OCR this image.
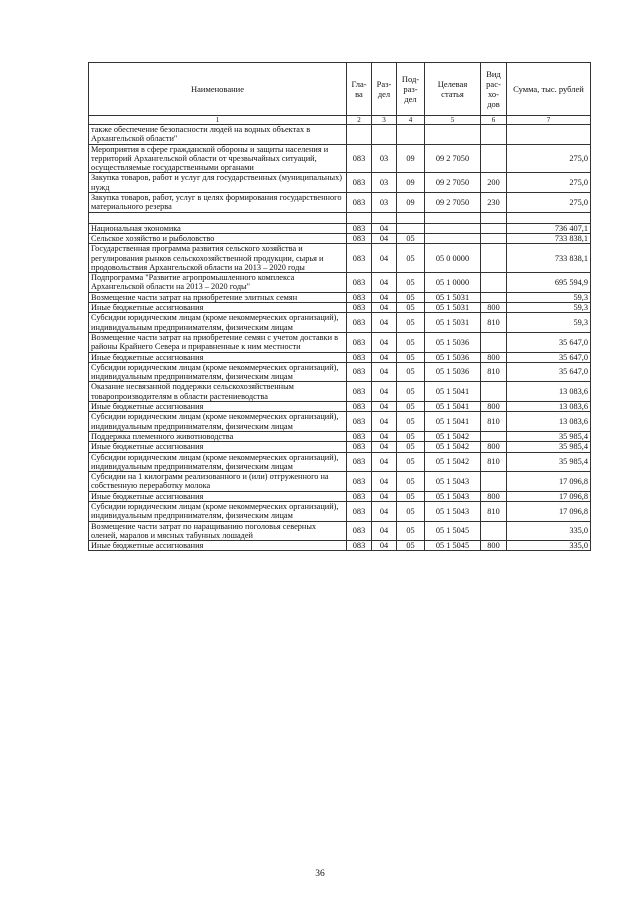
Наименование	Гла-ва	Раз-дел	Под-раз-дел	Целевая статья	Вид рас-хо-дов	Сумма, тыс. рублей
1	2	3	4	5	6	7
также обеспечение безопасности людей на водных объектах в Архангельской области"						
Мероприятия в сфере гражданской обороны и защиты населения и территорий Архангельской области от чрезвычайных ситуаций, осуществляемые государственными органами	083	03	09	09 2 7050		275,0
Закупка товаров, работ и услуг для государственных (муниципальных) нужд	083	03	09	09 2 7050	200	275,0
Закупка товаров, работ, услуг в целях формирования государственного материального резерва	083	03	09	09 2 7050	230	275,0

Национальная экономика	083	04				736 407,1
Сельское хозяйство и рыболовство	083	04	05			733 838,1
Государственная программа развития сельского хозяйства и регулирования рынков сельскохозяйственной продукции, сырья и продовольствия Архангельской области на 2013 – 2020 годы	083	04	05	05 0 0000		733 838,1
Подпрограмма "Развитие агропромышленного комплекса Архангельской области на 2013 – 2020 годы"	083	04	05	05 1 0000		695 594,9
Возмещение части затрат на приобретение элитных семян	083	04	05	05 1 5031		59,3
Иные бюджетные ассигнования	083	04	05	05 1 5031	800	59,3
Субсидии юридическим лицам (кроме некоммерческих организаций), индивидуальным предпринимателям, физическим лицам	083	04	05	05 1 5031	810	59,3
Возмещение части затрат на приобретение семян с учетом доставки в районы Крайнего Севера и приравненные к ним местности	083	04	05	05 1 5036		35 647,0
Иные бюджетные ассигнования	083	04	05	05 1 5036	800	35 647,0
Субсидии юридическим лицам (кроме некоммерческих организаций), индивидуальным предпринимателям, физическим лицам	083	04	05	05 1 5036	810	35 647,0
Оказание несвязанной поддержки сельскохозяйственным товаропроизводителям в области растениеводства	083	04	05	05 1 5041		13 083,6
Иные бюджетные ассигнования	083	04	05	05 1 5041	800	13 083,6
Субсидии юридическим лицам (кроме некоммерческих организаций), индивидуальным предпринимателям, физическим лицам	083	04	05	05 1 5041	810	13 083,6
Поддержка племенного животноводства	083	04	05	05 1 5042		35 985,4
Иные бюджетные ассигнования	083	04	05	05 1 5042	800	35 985,4
Субсидии юридическим лицам (кроме некоммерческих организаций), индивидуальным предпринимателям, физическим лицам	083	04	05	05 1 5042	810	35 985,4
Субсидии на 1 килограмм реализованного и (или) отгруженного на собственную переработку молока	083	04	05	05 1 5043		17 096,8
Иные бюджетные ассигнования	083	04	05	05 1 5043	800	17 096,8
Субсидии юридическим лицам (кроме некоммерческих организаций), индивидуальным предпринимателям, физическим лицам	083	04	05	05 1 5043	810	17 096,8
Возмещение части затрат по наращиванию поголовья северных оленей, маралов и мясных табунных лошадей	083	04	05	05 1 5045		335,0
Иные бюджетные ассигнования	083	04	05	05 1 5045	800	335,0
36
